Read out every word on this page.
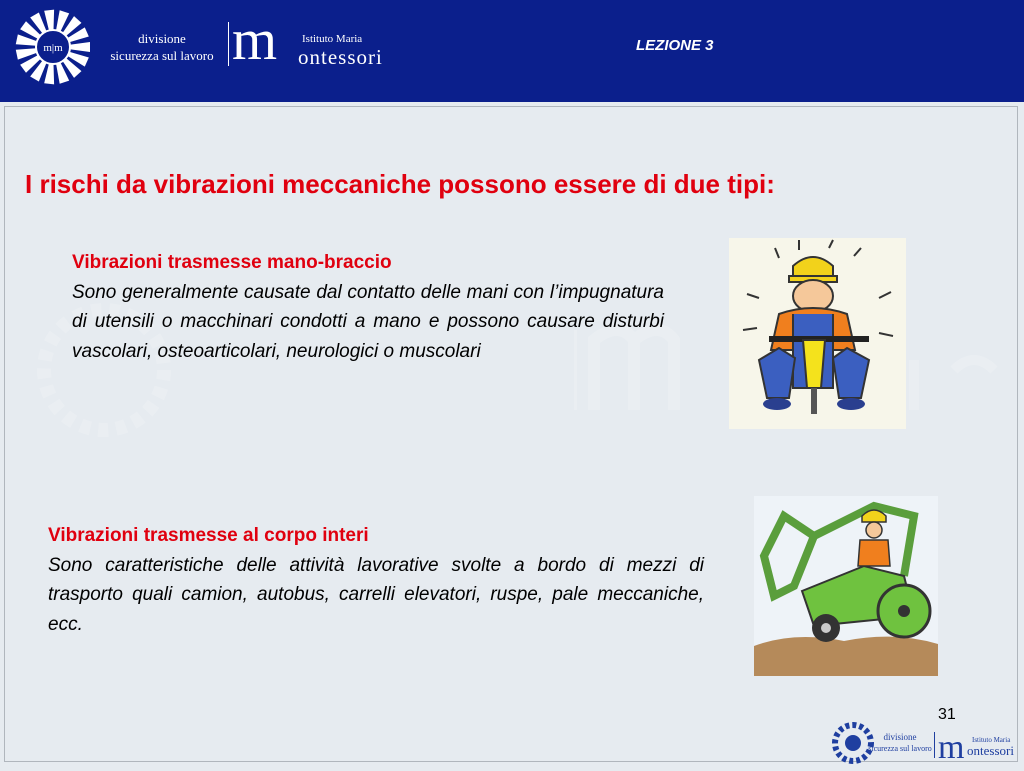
m|m
divisione
sicurezza sul lavoro m Istituto Maria
ontessori	LEZIONE 3
I rischi da vibrazioni meccaniche possono essere di due tipi:
Vibrazioni trasmesse mano-braccio
Sono generalmente causate dal contatto delle mani con l’impugnatura di utensili o macchinari condotti a mano e possono causare disturbi vascolari, osteoarticolari, neurologici o muscolari
Vibrazioni trasmesse al corpo interi
Sono caratteristiche delle attività lavorative svolte a bordo di mezzi di trasporto quali camion, autobus, carrelli elevatori, ruspe, pale meccaniche, ecc.
31
divisione
sicurezza sul lavoro m Istituto Maria
ontessori
